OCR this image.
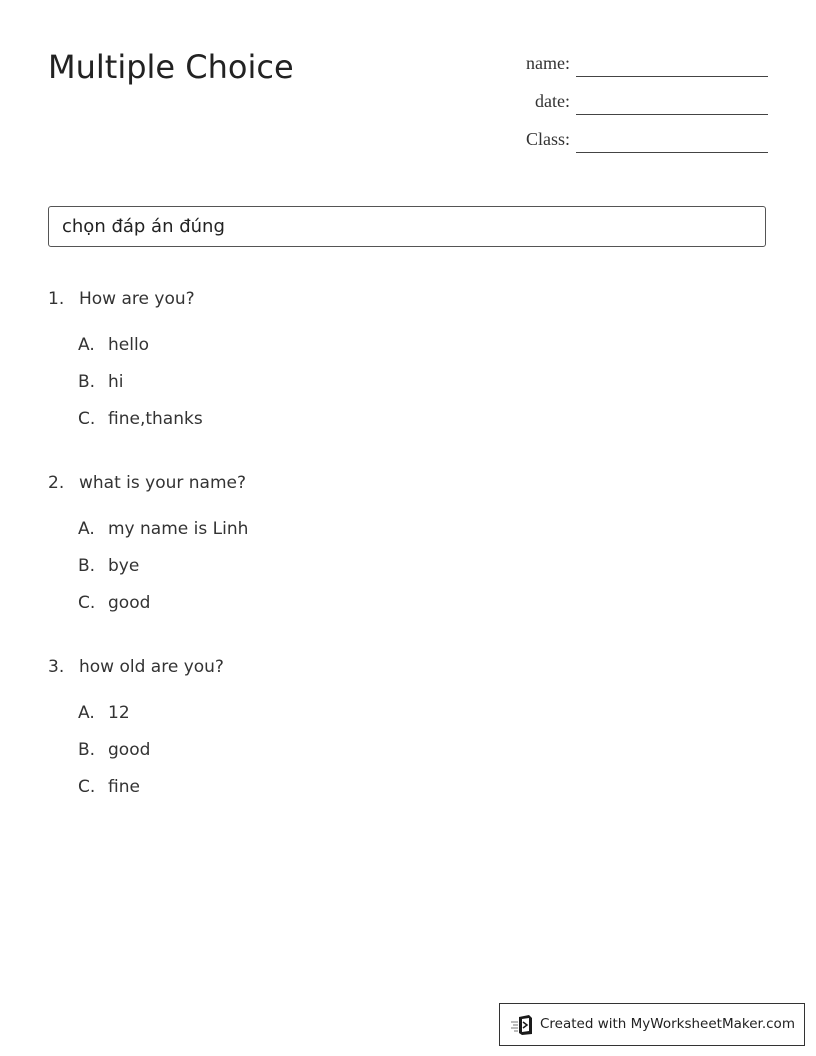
Multiple Choice	name:
date:
Class:
chọn đáp án đúng
1. How are you?
A. hello
B. hi
C. fine,thanks
2. what is your name?
A. my name is Linh
B. bye
C. good
3. how old are you?
A. 12
B. good
C. fine
Created with MyWorksheetMaker.com
